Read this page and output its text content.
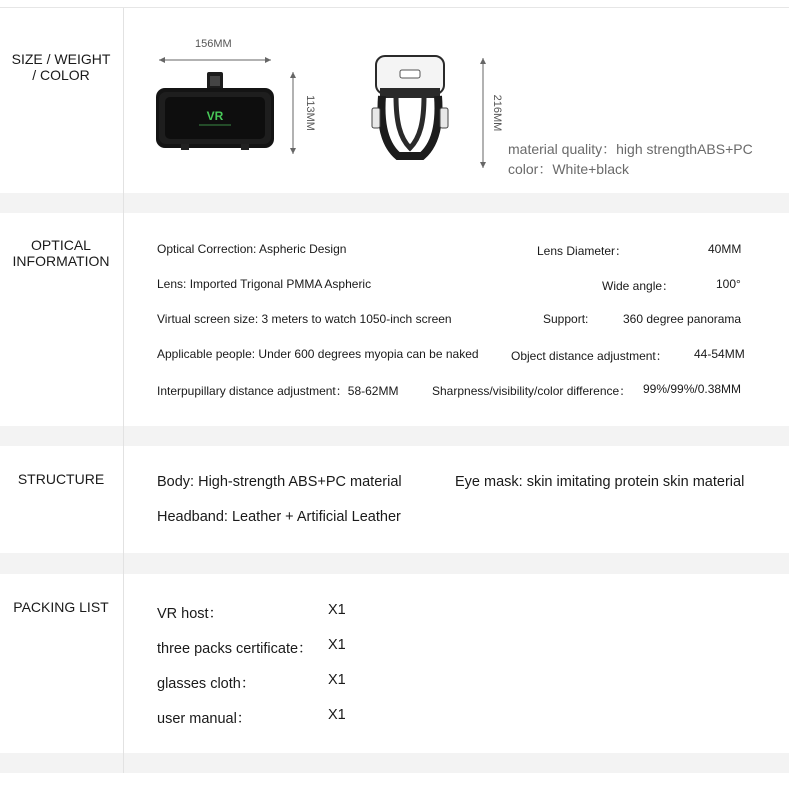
SIZE / WEIGHT
/ COLOR
156MM
VR	113MM	216MM
material quality：high strengthABS+PC
color：White+black
OPTICAL
INFORMATION
Optical Correction: Aspheric Design	Lens Diameter：	40MM
Lens: Imported Trigonal PMMA Aspheric	Wide angle：	100°
Virtual screen size: 3 meters to watch 1050-inch screen	Support:	360 degree panorama
Applicable people: Under 600 degrees myopia can be naked	Object distance adjustment： 44-54MM
Interpupillary distance adjustment：58-62MM	Sharpness/visibility/color difference： 99%/99%/0.38MM
STRUCTURE	Body: High-strength ABS+PC material	Eye mask: skin imitating protein skin material
Headband: Leather + Artificial Leather
PACKING LIST	VR host：	X1
three packs certificate： X1
glasses cloth：	X1
user manual：	X1
